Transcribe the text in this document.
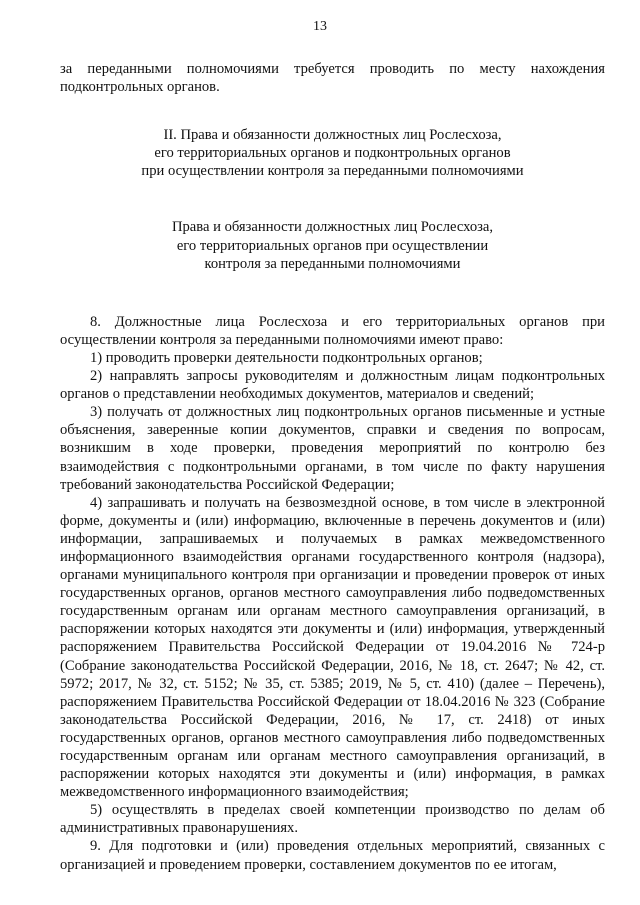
13

за переданными полномочиями требуется проводить по месту нахождения подконтрольных органов.

II. Права и обязанности должностных лиц Рослесхоза,
его территориальных органов и подконтрольных органов
при осуществлении контроля за переданными полномочиями
Права и обязанности должностных лиц Рослесхоза,
его территориальных органов при осуществлении
контроля за переданными полномочиями

8. Должностные лица Рослесхоза и его территориальных органов при осуществлении контроля за переданными полномочиями имеют право:

1) проводить проверки деятельности подконтрольных органов;

2) направлять запросы руководителям и должностным лицам подконтрольных органов о представлении необходимых документов, материалов и сведений;

3) получать от должностных лиц подконтрольных органов письменные и устные объяснения, заверенные копии документов, справки и сведения по вопросам, возникшим в ходе проверки, проведения мероприятий по контролю без взаимодействия с подконтрольными органами, в том числе по факту нарушения требований законодательства Российской Федерации;

4) запрашивать и получать на безвозмездной основе, в том числе в электронной форме, документы и (или) информацию, включенные в перечень документов и (или) информации, запрашиваемых и получаемых в рамках межведомственного информационного взаимодействия органами государственного контроля (надзора), органами муниципального контроля при организации и проведении проверок от иных государственных органов, органов местного самоуправления либо подведомственных государственным органам или органам местного самоуправления организаций, в распоряжении которых находятся эти документы и (или) информация, утвержденный распоряжением Правительства Российской Федерации от 19.04.2016 № 724-р (Собрание законодательства Российской Федерации, 2016, № 18, ст. 2647; № 42, ст. 5972; 2017, № 32, ст. 5152; № 35, ст. 5385; 2019, № 5, ст. 410) (далее – Перечень), распоряжением Правительства Российской Федерации от 18.04.2016 № 323 (Собрание законодательства Российской Федерации, 2016, № 17, ст. 2418) от иных государственных органов, органов местного самоуправления либо подведомственных государственным органам или органам местного самоуправления организаций, в распоряжении которых находятся эти документы и (или) информация, в рамках межведомственного информационного взаимодействия;

5) осуществлять в пределах своей компетенции производство по делам об административных правонарушениях.

9. Для подготовки и (или) проведения отдельных мероприятий, связанных с организацией и проведением проверки, составлением документов по ее итогам,
